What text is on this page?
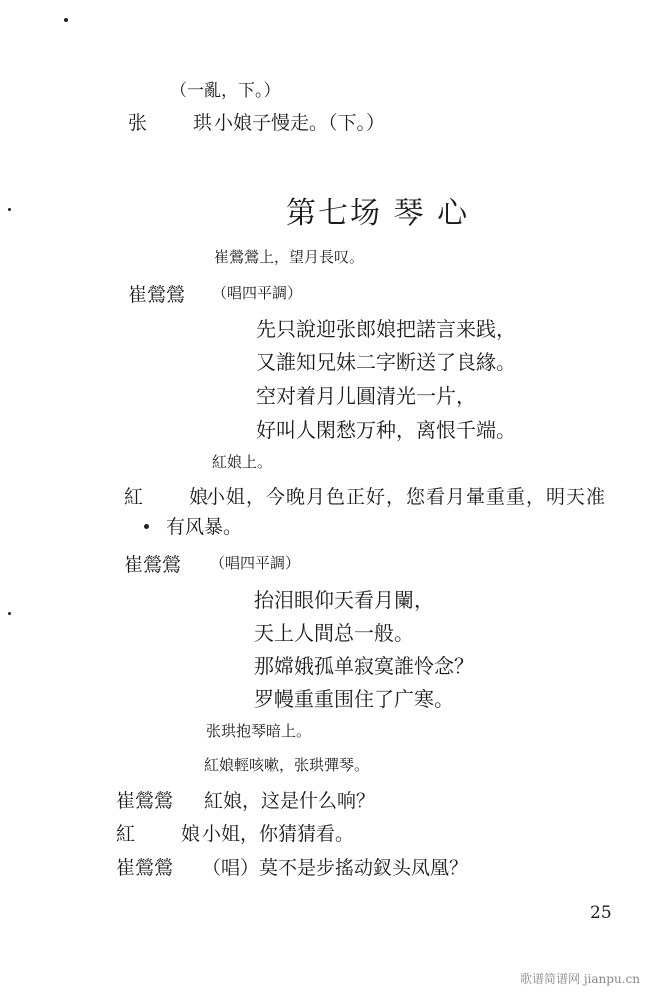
（一亂，下。）
张 珙
小娘子慢走。（下。）
第七场 琴 心
崔鶯鶯上，望月長叹。
崔鶯鶯 （唱四平調）
先只說迎张郎娘把諾言来践，
又誰知兄妹二字断送了良緣。
空对着月儿圓清光一片，
好叫人閑愁万种，离恨千端。
紅娘上。
紅 娘
小姐，今晚月色正好，您看月暈重重，明天准
有风暴。
崔鶯鶯 （唱四平調）
抬泪眼仰天看月闌，
天上人間总一般。
那嫦娥孤单寂寞誰怜念？
罗幔重重围住了广寒。
张珙抱琴暗上。
紅娘輕咳嗽，张珙彈琴。
崔鶯鶯 紅娘，这是什么响？
紅 娘
小姐，你猜猜看。
崔鶯鶯 （唱）莫不是步搖动釵头凤凰？
25
歌谱简谱网 jianpu.cn
